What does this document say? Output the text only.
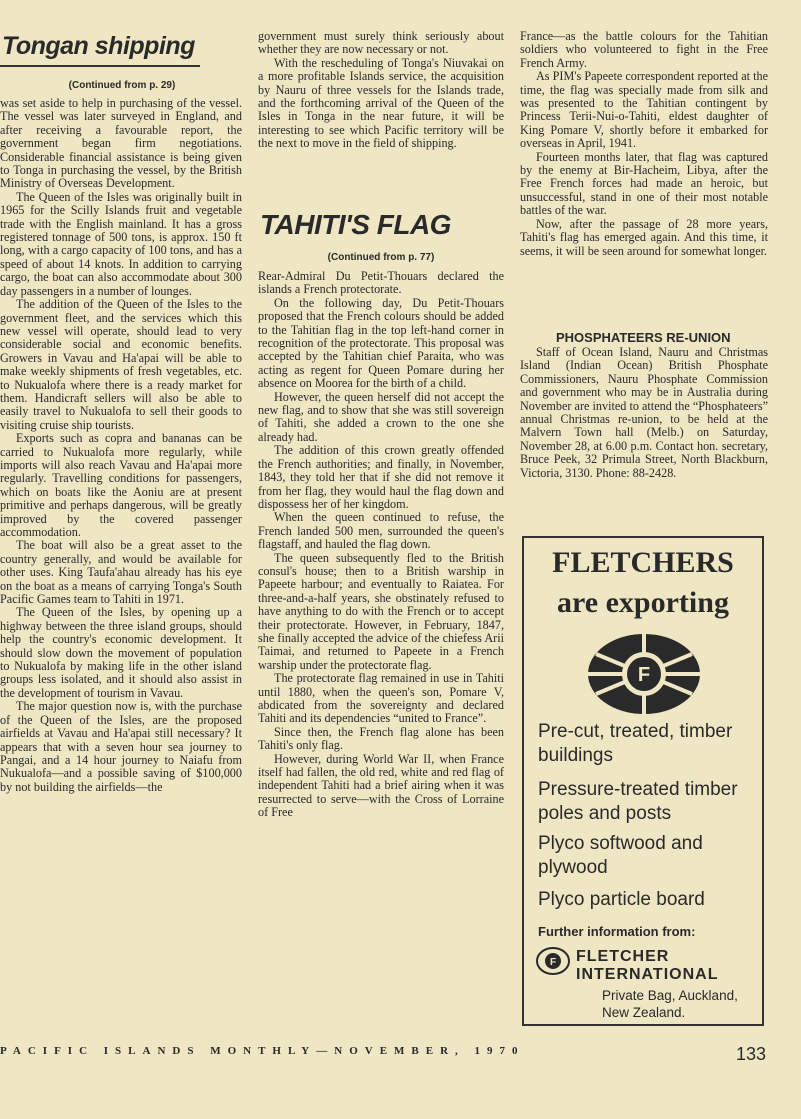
Tongan shipping
(Continued from p. 29)

was set aside to help in purchasing of the vessel. The vessel was later surveyed in England, and after receiving a favourable report, the government began firm negotiations. Considerable financial assistance is being given to Tonga in purchasing the vessel, by the British Ministry of Overseas Development.

The Queen of the Isles was originally built in 1965 for the Scilly Islands fruit and vegetable trade with the English mainland. It has a gross registered tonnage of 500 tons, is approx. 150 ft long, with a cargo capacity of 100 tons, and has a speed of about 14 knots. In addition to carrying cargo, the boat can also accommodate about 300 day passengers in a number of lounges.

The addition of the Queen of the Isles to the government fleet, and the services which this new vessel will operate, should lead to very considerable social and economic benefits. Growers in Vavau and Ha'apai will be able to make weekly shipments of fresh vegetables, etc. to Nukualofa where there is a ready market for them. Handicraft sellers will also be able to easily travel to Nukualofa to sell their goods to visiting cruise ship tourists.

Exports such as copra and bananas can be carried to Nukualofa more regularly, while imports will also reach Vavau and Ha'apai more regularly. Travelling conditions for passengers, which on boats like the Aoniu are at present primitive and perhaps dangerous, will be greatly improved by the covered passenger accommodation.

The boat will also be a great asset to the country generally, and would be available for other uses. King Taufa'ahau already has his eye on the boat as a means of carrying Tonga's South Pacific Games team to Tahiti in 1971.

The Queen of the Isles, by opening up a highway between the three island groups, should help the country's economic development. It should slow down the movement of population to Nukualofa by making life in the other island groups less isolated, and it should also assist in the development of tourism in Vavau.

The major question now is, with the purchase of the Queen of the Isles, are the proposed airfields at Vavau and Ha'apai still necessary? It appears that with a seven hour sea journey to Pangai, and a 14 hour journey to Naiafu from Nukualofa—and a possible saving of $100,000 by not building the airfields—the

government must surely think seriously about whether they are now necessary or not.

With the rescheduling of Tonga's Niuvakai on a more profitable Islands service, the acquisition by Nauru of three vessels for the Islands trade, and the forthcoming arrival of the Queen of the Isles in Tonga in the near future, it will be interesting to see which Pacific territory will be the next to move in the field of shipping.

TAHITI'S FLAG
(Continued from p. 77)

Rear-Admiral Du Petit-Thouars declared the islands a French protectorate.

On the following day, Du Petit-Thouars proposed that the French colours should be added to the Tahitian flag in the top left-hand corner in recognition of the protectorate. This proposal was accepted by the Tahitian chief Paraita, who was acting as regent for Queen Pomare during her absence on Moorea for the birth of a child.

However, the queen herself did not accept the new flag, and to show that she was still sovereign of Tahiti, she added a crown to the one she already had.

The addition of this crown greatly offended the French authorities; and finally, in November, 1843, they told her that if she did not remove it from her flag, they would haul the flag down and dispossess her of her kingdom.

When the queen continued to refuse, the French landed 500 men, surrounded the queen's flagstaff, and hauled the flag down.

The queen subsequently fled to the British consul's house; then to a British warship in Papeete harbour; and eventually to Raiatea. For three-and-a-half years, she obstinately refused to have anything to do with the French or to accept their protectorate. However, in February, 1847, she finally accepted the advice of the chiefess Arii Taimai, and returned to Papeete in a French warship under the protectorate flag.

The protectorate flag remained in use in Tahiti until 1880, when the queen's son, Pomare V, abdicated from the sovereignty and declared Tahiti and its dependencies “united to France”.

Since then, the French flag alone has been Tahiti's only flag.

However, during World War II, when France itself had fallen, the old red, white and red flag of independent Tahiti had a brief airing when it was resurrected to serve—with the Cross of Lorraine of Free

France—as the battle colours for the Tahitian soldiers who volunteered to fight in the Free French Army.

As PIM's Papeete correspondent reported at the time, the flag was specially made from silk and was presented to the Tahitian contingent by Princess Terii-Nui-o-Tahiti, eldest daughter of King Pomare V, shortly before it embarked for overseas in April, 1941.

Fourteen months later, that flag was captured by the enemy at Bir-Hacheim, Libya, after the Free French forces had made an heroic, but unsuccessful, stand in one of their most notable battles of the war.

Now, after the passage of 28 more years, Tahiti's flag has emerged again. And this time, it seems, it will be seen around for somewhat longer.

PHOSPHATEERS RE-UNION

Staff of Ocean Island, Nauru and Christmas Island (Indian Ocean) British Phosphate Commissioners, Nauru Phosphate Commission and government who may be in Australia during November are invited to attend the “Phosphateers” annual Christmas re-union, to be held at the Malvern Town hall (Melb.) on Saturday, November 28, at 6.00 p.m. Contact hon. secretary, Bruce Peek, 32 Primula Street, North Blackburn, Victoria, 3130. Phone: 88-2428.

FLETCHERS
are exporting
F
Pre-cut, treated, timber buildings
Pressure-treated timber poles and posts
Plyco softwood and plywood
Plyco particle board
Further information from:
F FLETCHER
INTERNATIONAL
Private Bag, Auckland,
New Zealand.
PACIFIC ISLANDS MONTHLY—NOVEMBER, 1970	133
